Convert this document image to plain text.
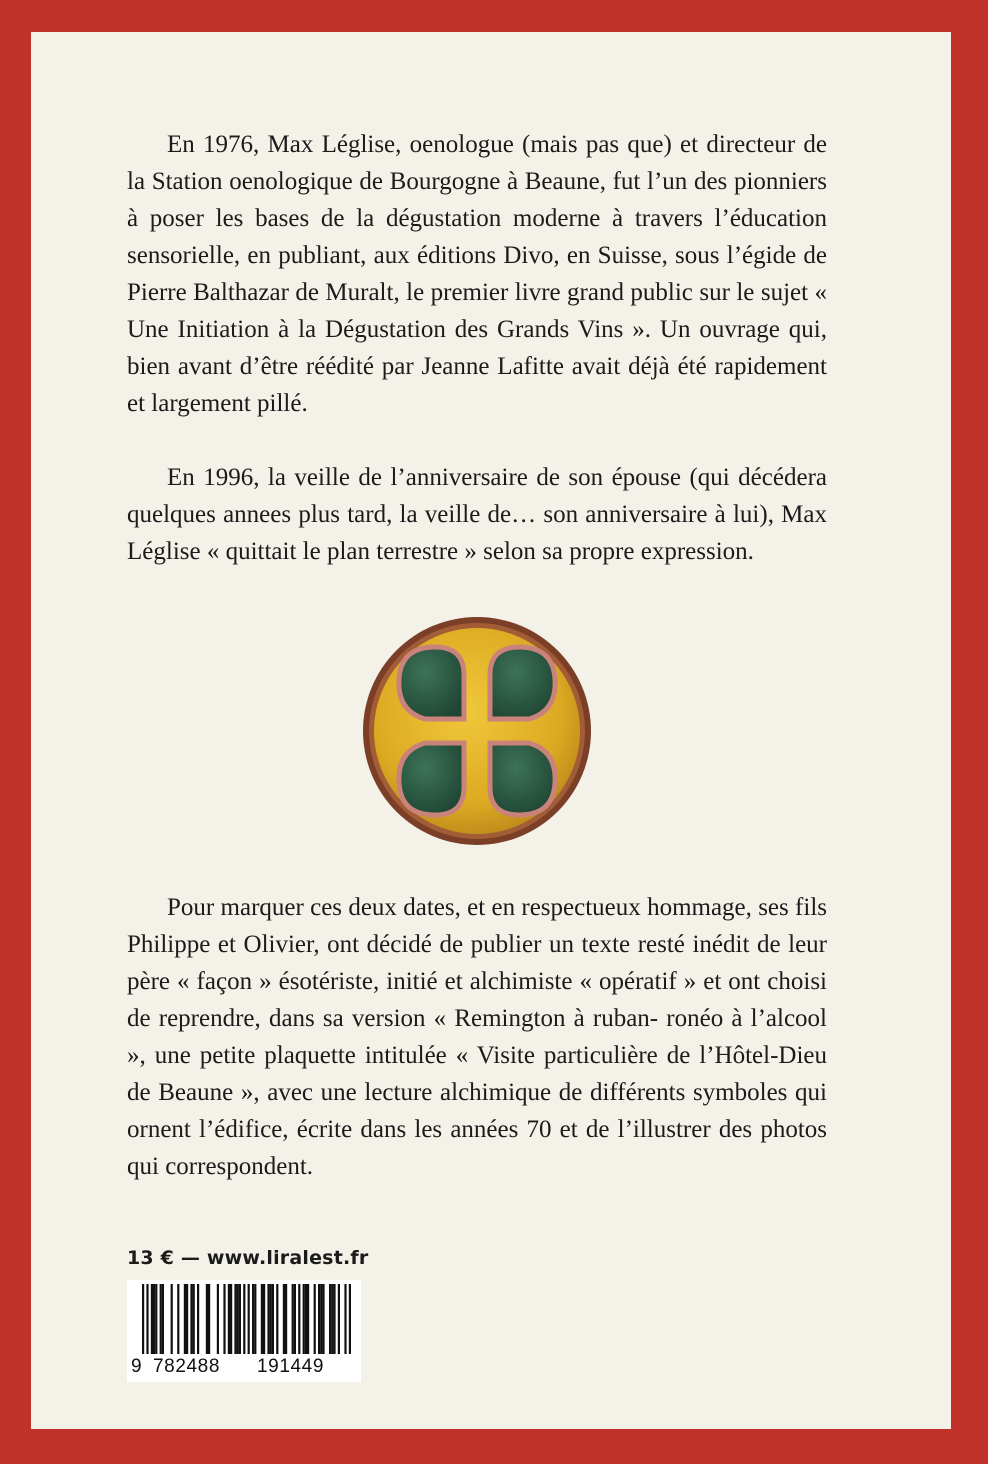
En 1976, Max Léglise, oenologue (mais pas que) et directeur de la Station oenologique de Bourgogne à Beaune, fut l’un des pionniers à poser les bases de la dégustation moderne à travers l’éducation sensorielle, en publiant, aux éditions Divo, en Suisse, sous l’égide de Pierre Balthazar de Muralt, le premier livre grand public sur le sujet « Une Initiation à la Dégustation des Grands Vins ». Un ouvrage qui, bien avant d’être réédité par Jeanne Lafitte avait déjà été rapidement et largement pillé.

En 1996, la veille de l’anniversaire de son épouse (qui décédera quelques annees plus tard, la veille de… son anniversaire à lui), Max Léglise « quittait le plan terrestre » selon sa propre expression.

Pour marquer ces deux dates, et en respectueux hommage, ses fils Philippe et Olivier, ont décidé de publier un texte resté inédit de leur père « façon » ésotériste, initié et alchimiste « opératif » et ont choisi de reprendre, dans sa version « Remington à ruban- ronéo à l’alcool », une petite plaquette intitulée « Visite particulière de l’Hôtel-Dieu de Beaune », avec une lecture alchimique de différents symboles qui ornent l’édifice, écrite dans les années 70 et de l’illustrer des photos qui correspondent.

13 € — www.liralest.fr
9 782488 191449
